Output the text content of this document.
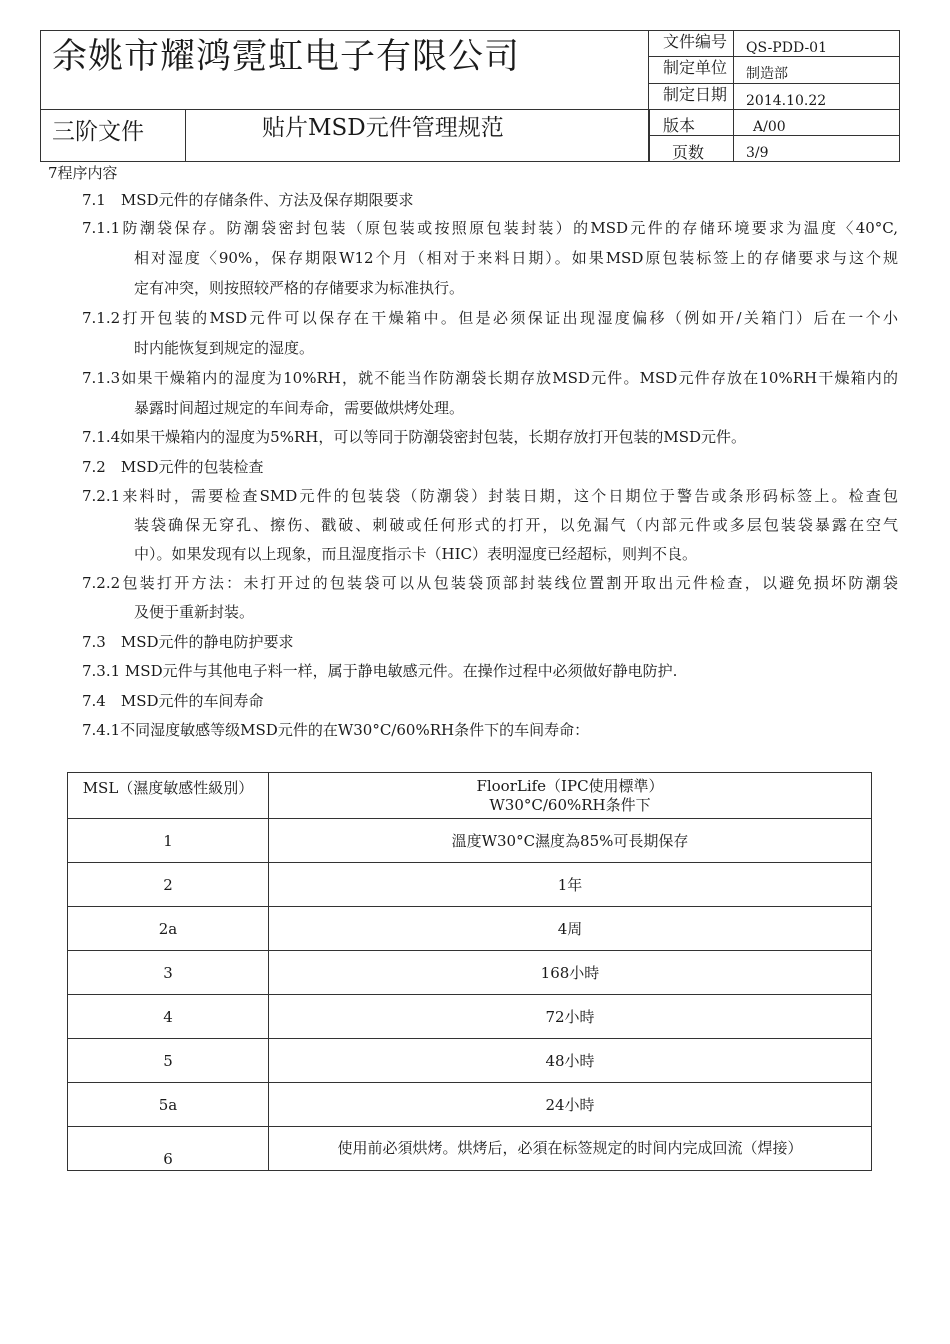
余姚市耀鸿霓虹电子有限公司
三阶文件	贴片MSD元件管理规范
文件编号	QS-PDD-01
制定单位	制造部
制定日期	2014.10.22
版本	A/00
页数	3/9
7程序内容
7.1　MSD元件的存储条件、方法及保存期限要求
7.1.1防潮袋保存。防潮袋密封包装（原包装或按照原包装封装）的MSD元件的存储环境要求为温度〈40°C,
相对湿度〈90%，保存期限W12个月（相对于来料日期）。如果MSD原包装标签上的存储要求与这个规
定有冲突，则按照较严格的存储要求为标准执行。
7.1.2打开包装的MSD元件可以保存在干燥箱中。但是必须保证出现湿度偏移（例如开/关箱门）后在一个小
时内能恢复到规定的湿度。
7.1.3如果干燥箱内的湿度为10%RH，就不能当作防潮袋长期存放MSD元件。MSD元件存放在10%RH干燥箱内的
暴露时间超过规定的车间寿命，需要做烘烤处理。
7.1.4如果干燥箱内的湿度为5%RH，可以等同于防潮袋密封包装，长期存放打开包装的MSD元件。
7.2　MSD元件的包装检查
7.2.1来料时，需要检查SMD元件的包装袋（防潮袋）封装日期，这个日期位于警告或条形码标签上。检查包
装袋确保无穿孔、擦伤、戳破、刺破或任何形式的打开，以免漏气（内部元件或多层包装袋暴露在空气
中）。如果发现有以上现象，而且湿度指示卡（HIC）表明湿度已经超标，则判不良。
7.2.2包装打开方法：未打开过的包装袋可以从包装袋顶部封装线位置割开取出元件检查，以避免损坏防潮袋
及便于重新封装。
7.3　MSD元件的静电防护要求
7.3.1 MSD元件与其他电子料一样，属于静电敏感元件。在操作过程中必须做好静电防护.
7.4　MSD元件的车间寿命
7.4.1不同湿度敏感等级MSD元件的在W30°C/60%RH条件下的车间寿命：
MSL（濕度敏感性級別）	FloorLife（IPC使用標準）
W30°C/60%RH条件下

1	溫度W30°C濕度為85%可長期保存
2	1年
2a	4周
3	168小時
4	72小時
5	48小時
5a	24小時
6	使用前必須烘烤。烘烤后，必須在标签规定的时间内完成回流（焊接）
